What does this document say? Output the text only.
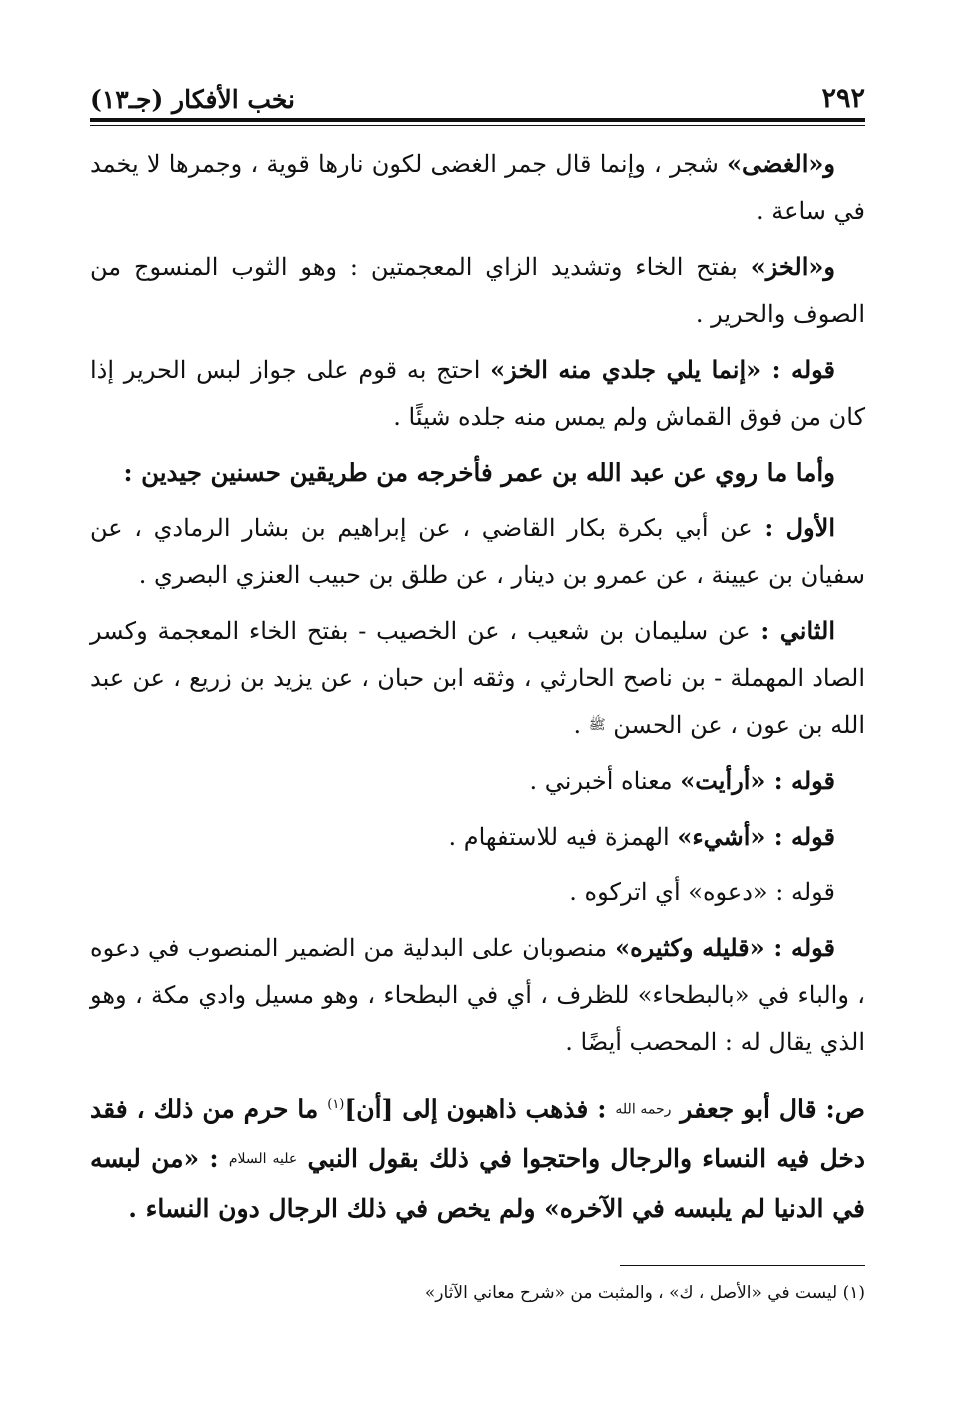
٢٩٢
نخب الأفكار (جـ١٣)

و«الغضى» شجر ، وإنما قال جمر الغضى لكون نارها قوية ، وجمرها لا يخمد في ساعة .

و«الخز» بفتح الخاء وتشديد الزاي المعجمتين : وهو الثوب المنسوج من الصوف والحرير .

قوله : «إنما يلي جلدي منه الخز» احتج به قوم على جواز لبس الحرير إذا كان من فوق القماش ولم يمس منه جلده شيئًا .

وأما ما روي عن عبد الله بن عمر فأخرجه من طريقين حسنين جيدين :

الأول : عن أبي بكرة بكار القاضي ، عن إبراهيم بن بشار الرمادي ، عن سفيان بن عيينة ، عن عمرو بن دينار ، عن طلق بن حبيب العنزي البصري .

الثاني : عن سليمان بن شعيب ، عن الخصيب - بفتح الخاء المعجمة وكسر الصاد المهملة - بن ناصح الحارثي ، وثقه ابن حبان ، عن يزيد بن زريع ، عن عبد الله بن عون ، عن الحسن ﷺ .

قوله : «أرأيت» معناه أخبرني .

قوله : «أشيء» الهمزة فيه للاستفهام .

قوله : «دعوه» أي اتركوه .

قوله : «قليله وكثيره» منصوبان على البدلية من الضمير المنصوب في دعوه ، والباء في «بالبطحاء» للظرف ، أي في البطحاء ، وهو مسيل وادي مكة ، وهو الذي يقال له : المحصب أيضًا .

ص: قال أبو جعفر رحمه الله : فذهب ذاهبون إلى [أن]$^{(١)}$ ما حرم من ذلك ، فقد دخل فيه النساء والرجال واحتجوا في ذلك بقول النبي عليه السلام : «من لبسه في الدنيا لم يلبسه في الآخره» ولم يخص في ذلك الرجال دون النساء .

(١) ليست في «الأصل ، ك» ، والمثبت من «شرح معاني الآثار»
